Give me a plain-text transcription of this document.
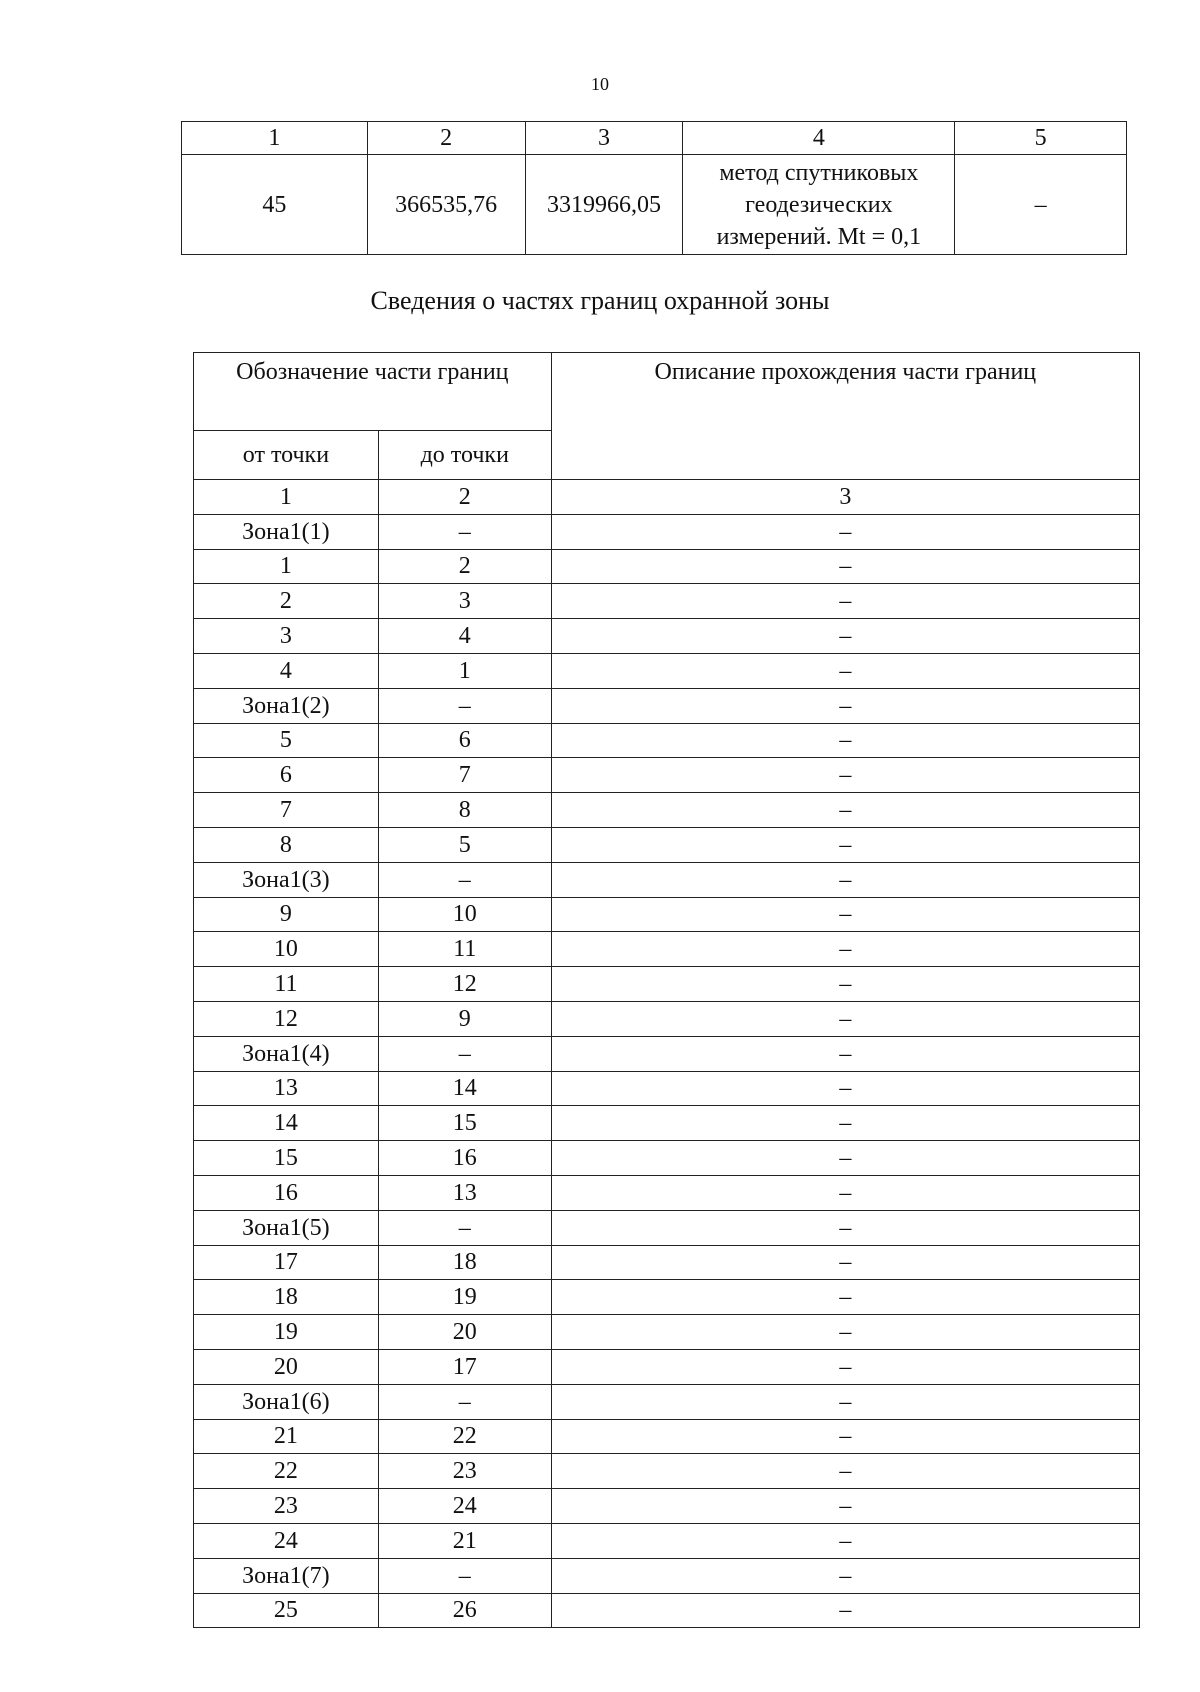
10
1	2	3	4	5
45	366535,76	3319966,05	метод спутниковых
геодезических
измерений. Mt = 0,1	–
Сведения о частях границ охранной зоны
Обозначение части границ		Описание прохождения части границ
от точки	до точки	
1	2	3
Зона1(1)	–	–
1	2	–
2	3	–
3	4	–
4	1	–
Зона1(2)	–	–
5	6	–
6	7	–
7	8	–
8	5	–
Зона1(3)	–	–
9	10	–
10	11	–
11	12	–
12	9	–
Зона1(4)	–	–
13	14	–
14	15	–
15	16	–
16	13	–
Зона1(5)	–	–
17	18	–
18	19	–
19	20	–
20	17	–
Зона1(6)	–	–
21	22	–
22	23	–
23	24	–
24	21	–
Зона1(7)	–	–
25	26	–
